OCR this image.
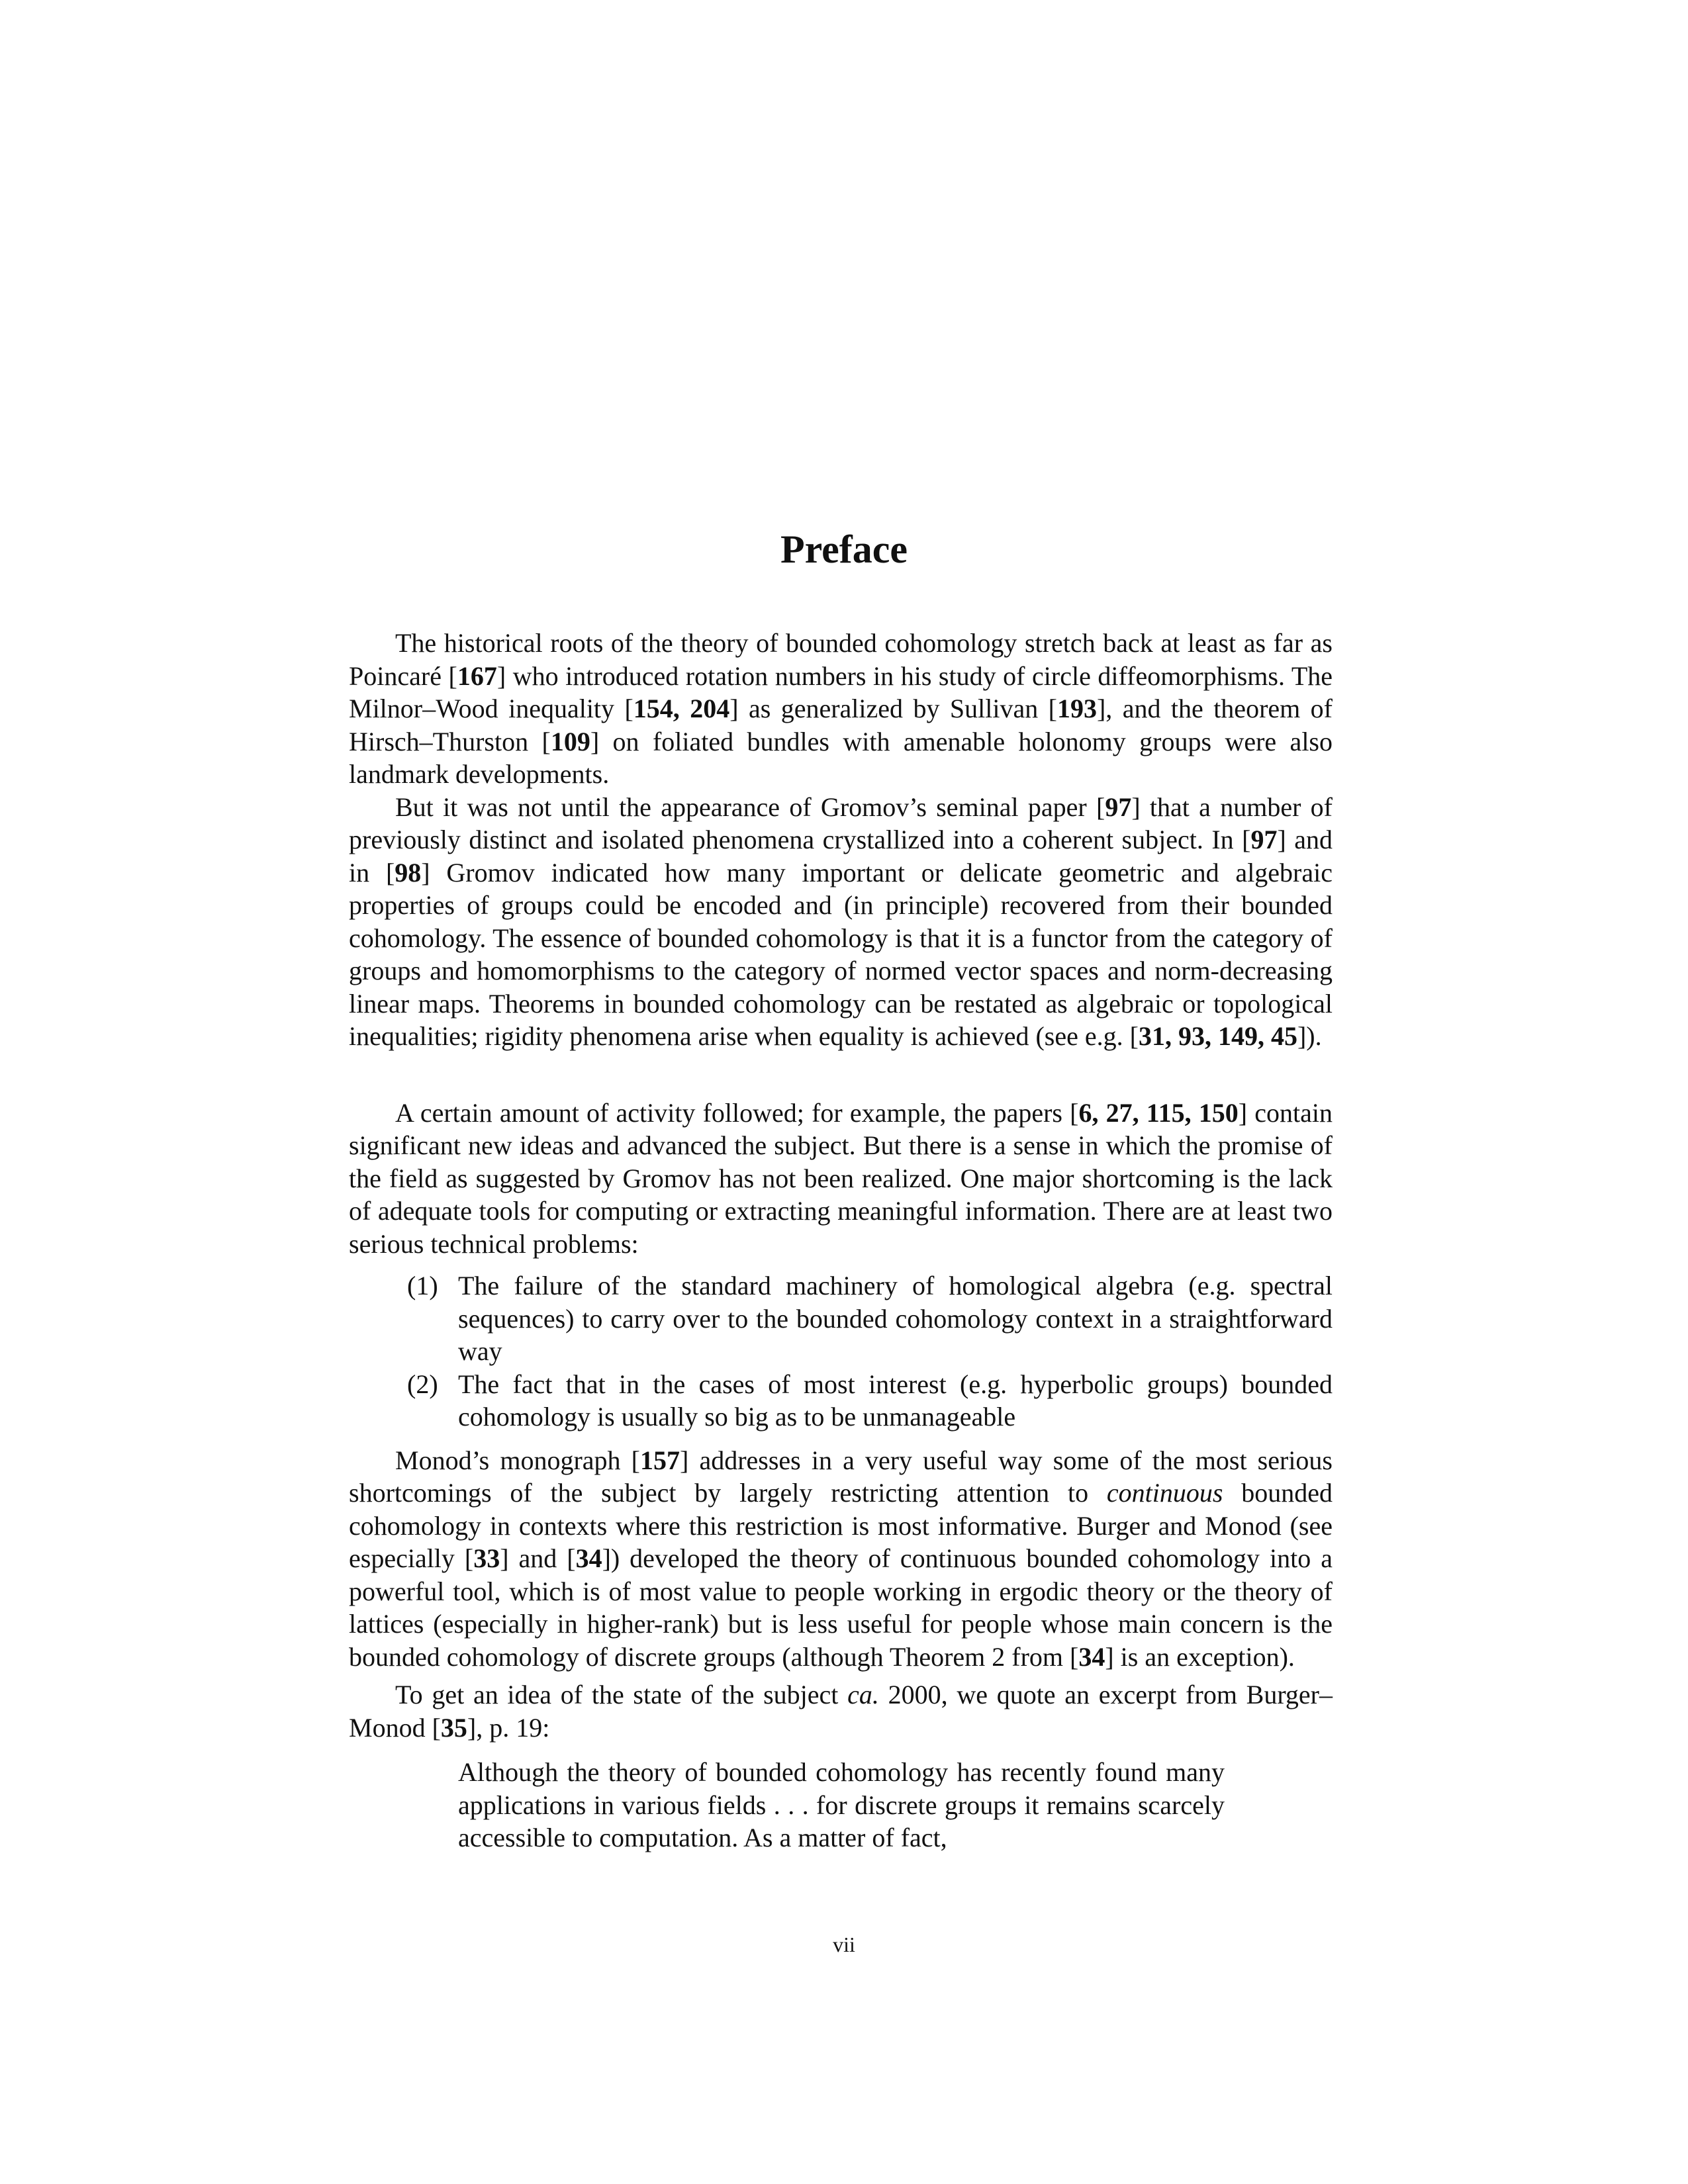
Preface

The historical roots of the theory of bounded cohomology stretch back at least as far as Poincaré [167] who introduced rotation numbers in his study of circle diffeomorphisms. The Milnor–Wood inequality [154, 204] as generalized by Sullivan [193], and the theorem of Hirsch–Thurston [109] on foliated bundles with amenable holonomy groups were also landmark developments.

But it was not until the appearance of Gromov’s seminal paper [97] that a number of previously distinct and isolated phenomena crystallized into a coherent subject. In [97] and in [98] Gromov indicated how many important or delicate geometric and algebraic properties of groups could be encoded and (in principle) recovered from their bounded cohomology. The essence of bounded cohomology is that it is a functor from the category of groups and homomorphisms to the category of normed vector spaces and norm-decreasing linear maps. Theorems in bounded cohomology can be restated as algebraic or topological inequalities; rigidity phenomena arise when equality is achieved (see e.g. [31, 93, 149, 45]).

A certain amount of activity followed; for example, the papers [6, 27, 115, 150] contain significant new ideas and advanced the subject. But there is a sense in which the promise of the field as suggested by Gromov has not been realized. One major shortcoming is the lack of adequate tools for computing or extracting meaningful information. There are at least two serious technical problems:

(1) The failure of the standard machinery of homological algebra (e.g. spectral sequences) to carry over to the bounded cohomology context in a straightforward way
(2) The fact that in the cases of most interest (e.g. hyperbolic groups) bounded cohomology is usually so big as to be unmanageable

Monod’s monograph [157] addresses in a very useful way some of the most serious shortcomings of the subject by largely restricting attention to continuous bounded cohomology in contexts where this restriction is most informative. Burger and Monod (see especially [33] and [34]) developed the theory of continuous bounded cohomology into a powerful tool, which is of most value to people working in ergodic theory or the theory of lattices (especially in higher-rank) but is less useful for people whose main concern is the bounded cohomology of discrete groups (although Theorem 2 from [34] is an exception).

To get an idea of the state of the subject ca. 2000, we quote an excerpt from Burger–Monod [35], p. 19:

Although the theory of bounded cohomology has recently found many applications in various fields . . . for discrete groups it remains scarcely accessible to computation. As a matter of fact,
vii
